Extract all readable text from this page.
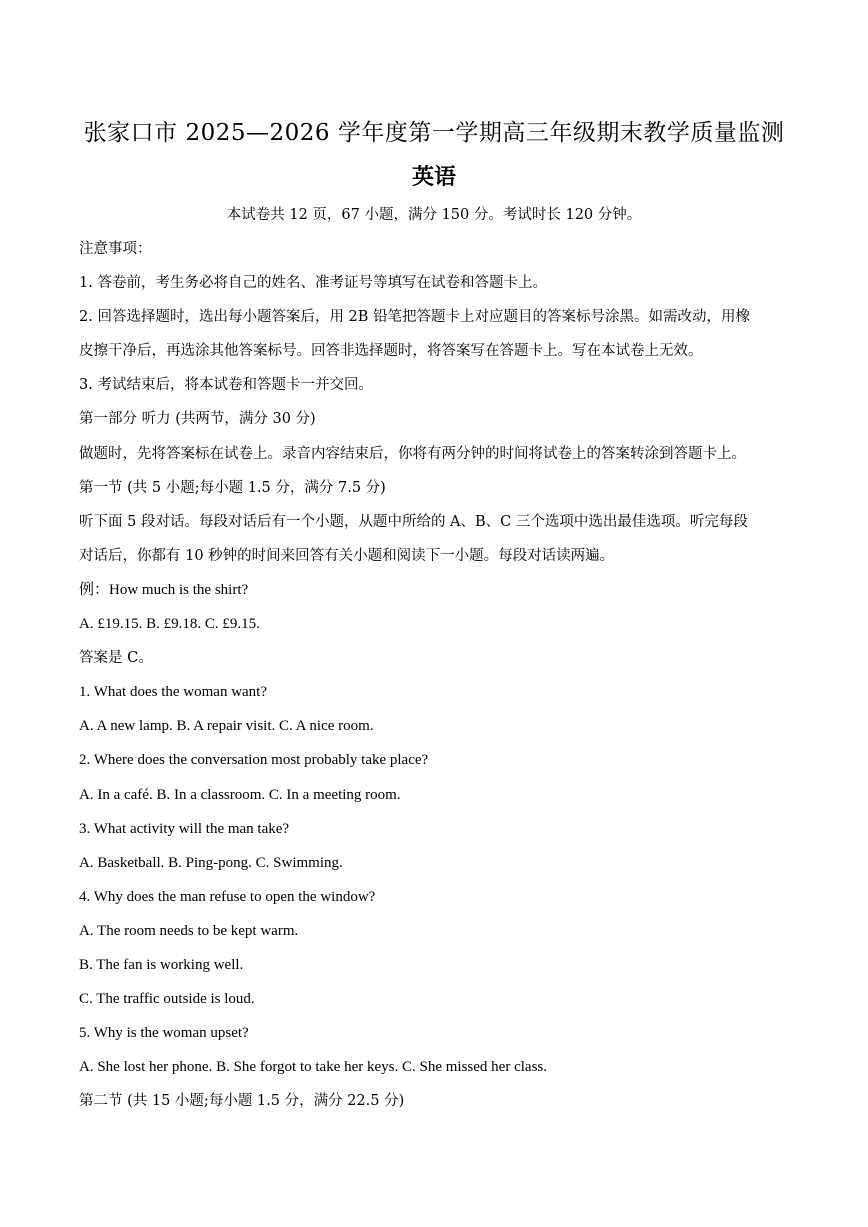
张家口市 2025—2026 学年度第一学期高三年级期末教学质量监测
英语
本试卷共 12 页，67 小题，满分 150 分。考试时长 120 分钟。
注意事项：
1. 答卷前，考生务必将自己的姓名、准考证号等填写在试卷和答题卡上。
2. 回答选择题时，选出每小题答案后，用 2B 铅笔把答题卡上对应题目的答案标号涂黑。如需改动，用橡
皮擦干净后，再选涂其他答案标号。回答非选择题时，将答案写在答题卡上。写在本试卷上无效。
3. 考试结束后，将本试卷和答题卡一并交回。
第一部分 听力 (共两节，满分 30 分)
做题时，先将答案标在试卷上。录音内容结束后，你将有两分钟的时间将试卷上的答案转涂到答题卡上。
第一节 (共 5 小题;每小题 1.5 分，满分 7.5 分)
听下面 5 段对话。每段对话后有一个小题，从题中所给的 A、B、C 三个选项中选出最佳选项。听完每段
对话后，你都有 10 秒钟的时间来回答有关小题和阅读下一小题。每段对话读两遍。
例：How much is the shirt?
A. £19.15. B. £9.18. C. £9.15.
答案是 C。
1. What does the woman want?
A. A new lamp. B. A repair visit. C. A nice room.
2. Where does the conversation most probably take place?
A. In a café. B. In a classroom. C. In a meeting room.
3. What activity will the man take?
A. Basketball. B. Ping-pong. C. Swimming.
4. Why does the man refuse to open the window?
A. The room needs to be kept warm.
B. The fan is working well.
C. The traffic outside is loud.
5. Why is the woman upset?
A. She lost her phone. B. She forgot to take her keys. C. She missed her class.
第二节 (共 15 小题;每小题 1.5 分，满分 22.5 分)
